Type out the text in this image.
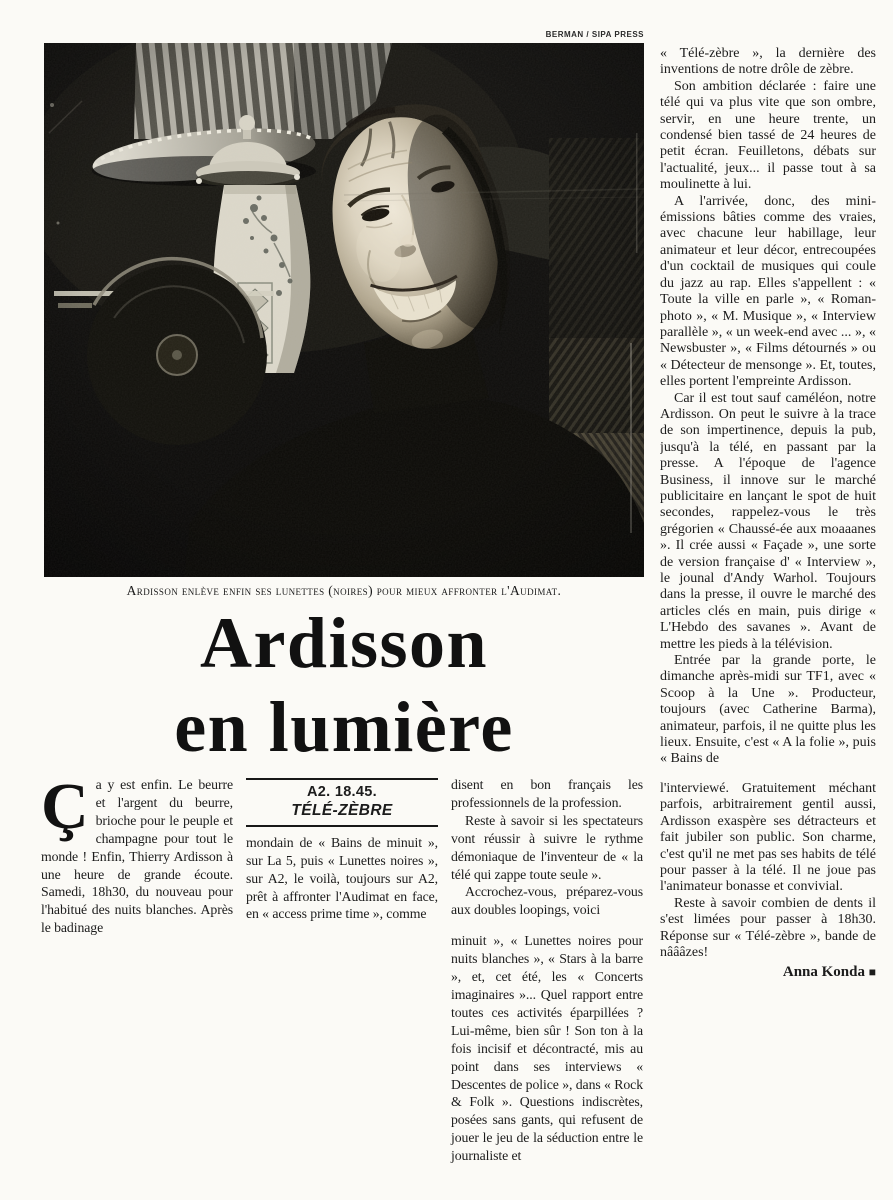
BERMAN / SIPA PRESS
Ardisson enlève enfin ses lunettes (noires) pour mieux affronter l'Audimat.
Ardisson
en lumière

Ça y est enfin. Le beurre et l'argent du beurre, brioche pour le peuple et champagne pour tout le monde ! Enfin, Thierry Ardisson à une heure de grande écoute. Samedi, 18h30, du nouveau pour l'habitué des nuits blanches. Après le badinage

A2. 18.45.
TÉLÉ-ZÈBRE

mondain de « Bains de minuit », sur La 5, puis « Lunettes noires », sur A2, le voilà, toujours sur A2, prêt à affronter l'Audimat en face, en « access prime time », comme

disent en bon français les professionnels de la profession.

Reste à savoir si les spectateurs vont réussir à suivre le rythme démoniaque de l'inventeur de « la télé qui zappe toute seule ».

Accrochez-vous, préparez-vous aux doubles loopings, voici

minuit », « Lunettes noires pour nuits blanches », « Stars à la barre », et, cet été, les « Concerts imaginaires »... Quel rapport entre toutes ces activités éparpillées ? Lui-même, bien sûr ! Son ton à la fois incisif et décontracté, mis au point dans ses interviews « Descentes de police », dans « Rock & Folk ». Questions indiscrètes, posées sans gants, qui refusent de jouer le jeu de la séduction entre le journaliste et

« Télé-zèbre », la dernière des inventions de notre drôle de zèbre.

Son ambition déclarée : faire une télé qui va plus vite que son ombre, servir, en une heure trente, un condensé bien tassé de 24 heures de petit écran. Feuilletons, débats sur l'actualité, jeux... il passe tout à sa moulinette à lui.

A l'arrivée, donc, des mini-émissions bâties comme des vraies, avec chacune leur habillage, leur animateur et leur décor, entrecoupées d'un cocktail de musiques qui coule du jazz au rap. Elles s'appellent : « Toute la ville en parle », « Roman-photo », « M. Musique », « Interview parallèle », « un week-end avec ... », « Newsbuster », « Films détournés » ou « Détecteur de mensonge ». Et, toutes, elles portent l'empreinte Ardisson.

Car il est tout sauf caméléon, notre Ardisson. On peut le suivre à la trace de son impertinence, depuis la pub, jusqu'à la télé, en passant par la presse. A l'époque de l'agence Business, il innove sur le marché publicitaire en lançant le spot de huit secondes, rappelez-vous le très grégorien « Chaussé-ée aux moaaanes ». Il crée aussi « Façade », une sorte de version française d' « Interview », le jounal d'Andy Warhol. Toujours dans la presse, il ouvre le marché des articles clés en main, puis dirige « L'Hebdo des savanes ». Avant de mettre les pieds à la télévision.

Entrée par la grande porte, le dimanche après-midi sur TF1, avec « Scoop à la Une ». Producteur, toujours (avec Catherine Barma), animateur, parfois, il ne quitte plus les lieux. Ensuite, c'est « A la folie », puis « Bains de

l'interviewé. Gratuitement méchant parfois, arbitrairement gentil aussi, Ardisson exaspère ses détracteurs et fait jubiler son public. Son charme, c'est qu'il ne met pas ses habits de télé pour passer à la télé. Il ne joue pas l'animateur bonasse et convivial.

Reste à savoir combien de dents il s'est limées pour passer à 18h30. Réponse sur « Télé-zèbre », bande de nâââzes!

Anna Konda ■
